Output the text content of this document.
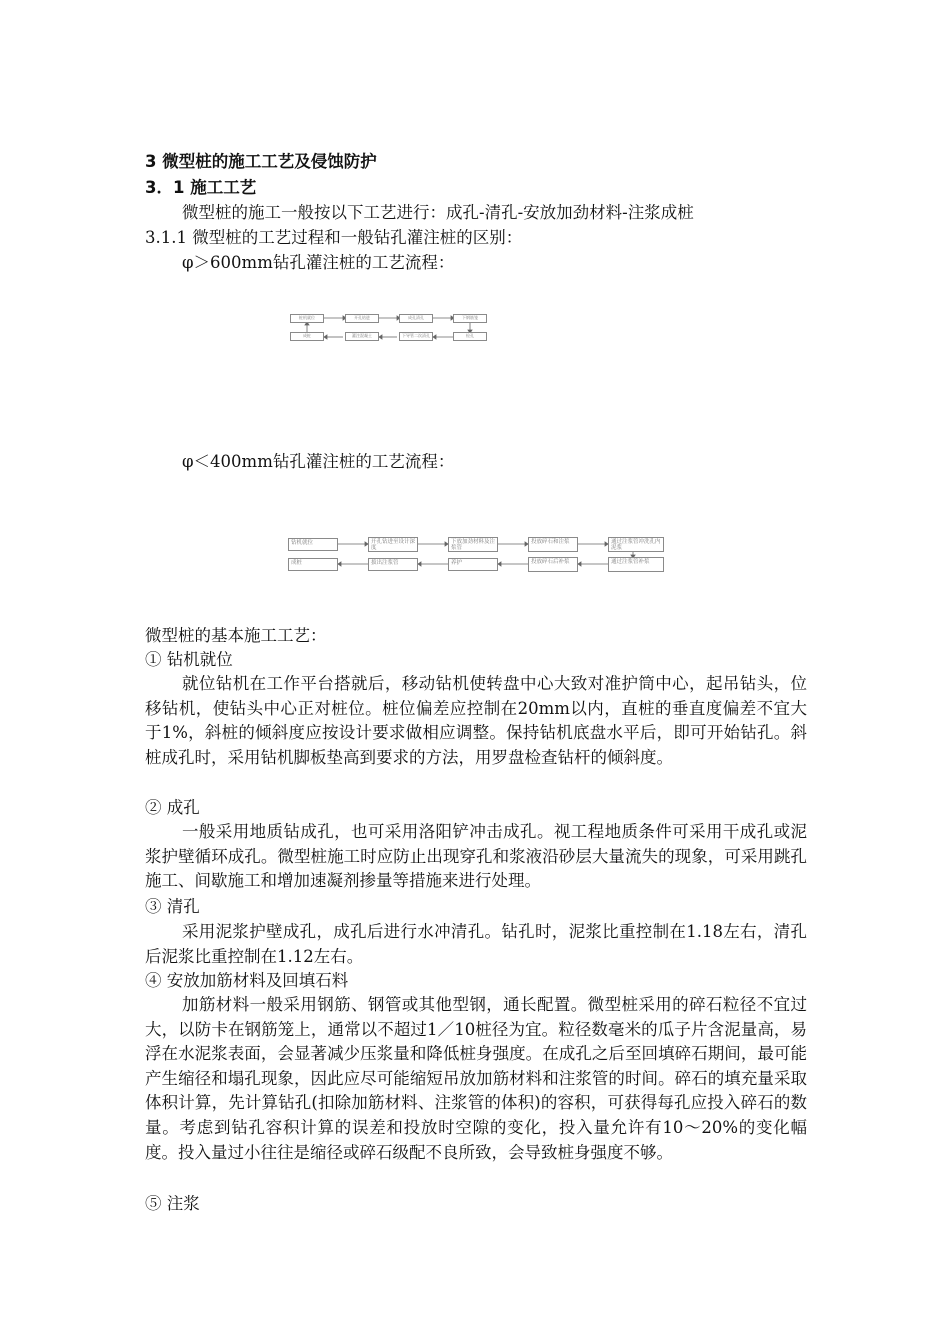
3 微型桩的施工工艺及侵蚀防护
3．1 施工工艺
微型桩的施工一般按以下工艺进行：成孔-清孔-安放加劲材料-注浆成桩
3.1.1 微型桩的工艺过程和一般钻孔灌注桩的区别：
φ＞600mm钻孔灌注桩的工艺流程：
桩机就位	开孔钻进	成孔清孔	下钢筋笼
成桩	灌注混凝土	下导管二次清孔	检孔
φ＜400mm钻孔灌注桩的工艺流程：
钻机就位	开孔钻进至设计深度
下放加劲材料及注浆管
投放碎石和注浆	通过注浆管冲洗孔内泥浆
成桩	拔出注浆管	养护	投放碎石后补浆	通过注浆管补浆
微型桩的基本施工工艺：
① 钻机就位
就位钻机在工作平台搭就后，移动钻机使转盘中心大致对准护筒中心，起吊钻头，位移钻机，使钻头中心正对桩位。桩位偏差应控制在20mm以内，直桩的垂直度偏差不宜大于1%，斜桩的倾斜度应按设计要求做相应调整。保持钻机底盘水平后，即可开始钻孔。斜桩成孔时，采用钻机脚板垫高到要求的方法，用罗盘检查钻杆的倾斜度。
② 成孔
一般采用地质钻成孔，也可采用洛阳铲冲击成孔。视工程地质条件可采用干成孔或泥浆护壁循环成孔。微型桩施工时应防止出现穿孔和浆液沿砂层大量流失的现象，可采用跳孔施工、间歇施工和增加速凝剂掺量等措施来进行处理。
③ 清孔
采用泥浆护壁成孔，成孔后进行水冲清孔。钻孔时，泥浆比重控制在1.18左右，清孔后泥浆比重控制在1.12左右。
④ 安放加筋材料及回填石料
加筋材料一般采用钢筋、钢管或其他型钢，通长配置。微型桩采用的碎石粒径不宜过大，以防卡在钢筋笼上，通常以不超过1／10桩径为宜。粒径数毫米的瓜子片含泥量高，易浮在水泥浆表面，会显著减少压浆量和降低桩身强度。在成孔之后至回填碎石期间，最可能产生缩径和塌孔现象，因此应尽可能缩短吊放加筋材料和注浆管的时间。碎石的填充量采取体积计算，先计算钻孔(扣除加筋材料、注浆管的体积)的容积，可获得每孔应投入碎石的数量。考虑到钻孔容积计算的误差和投放时空隙的变化，投入量允许有10～20%的变化幅度。投入量过小往往是缩径或碎石级配不良所致，会导致桩身强度不够。
⑤ 注浆
